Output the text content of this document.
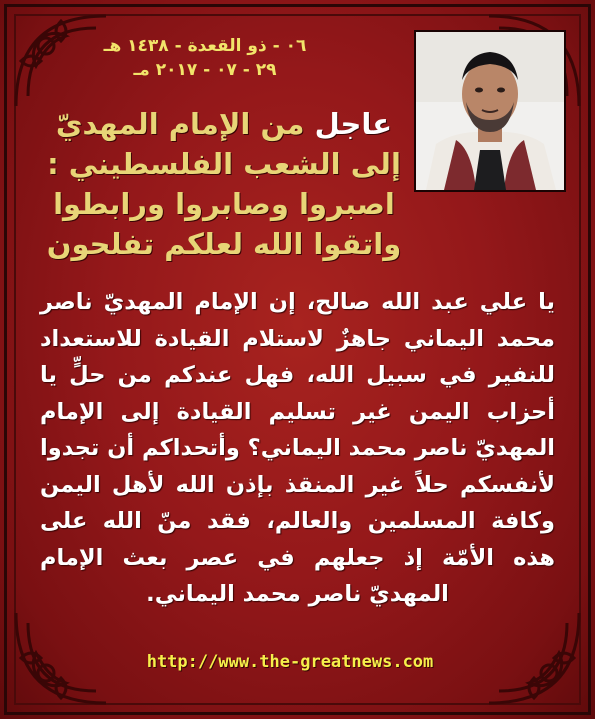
٠٦ - ذو القعدة - ١٤٣٨ هـ
٢٩ - ٠٧ - ٢٠١٧ مـ
عاجل من الإمام المهديّ
إلى الشعب الفلسطيني :
اصبروا وصابروا ورابطوا
واتقوا الله لعلكم تفلحون
يا علي عبد الله صالح، إن الإمام المهديّ ناصر محمد اليماني جاهزٌ لاستلام القيادة للاستعداد للنفير في سبيل الله، فهل عندكم من حلٍّ يا أحزاب اليمن غير تسليم القيادة إلى الإمام المهديّ ناصر محمد اليماني؟ وأتحداكم أن تجدوا لأنفسكم حلاً غير المنقذ بإذن الله لأهل اليمن وكافة المسلمين والعالم، فقد منّ الله على هذه الأمّة إذ جعلهم في عصر بعث الإمام المهديّ ناصر محمد اليماني.
http://www.the-greatnews.com
